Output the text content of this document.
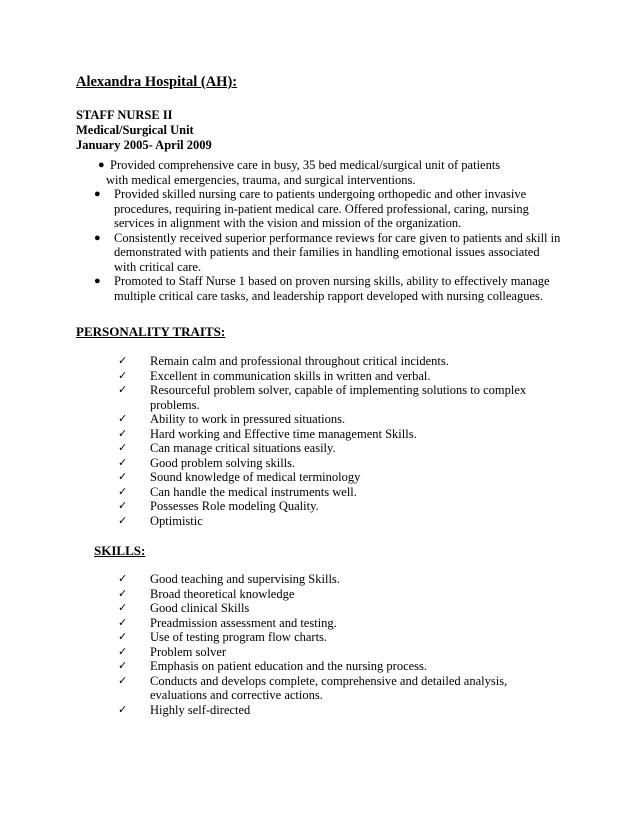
Alexandra Hospital (AH):
STAFF NURSE II
Medical/Surgical Unit
January 2005- April 2009
● Provided comprehensive care in busy, 35 bed medical/surgical unit of patients
with medical emergencies, trauma, and surgical interventions.
●	Provided skilled nursing care to patients undergoing orthopedic and other invasive procedures, requiring in-patient medical care. Offered professional, caring, nursing services in alignment with the vision and mission of the organization.
●	Consistently received superior performance reviews for care given to patients and skill in demonstrated with patients and their families in handling emotional issues associated with critical care.
●	Promoted to Staff Nurse 1 based on proven nursing skills, ability to effectively manage multiple critical care tasks, and leadership rapport developed with nursing colleagues.
PERSONALITY TRAITS:
✓ Remain calm and professional throughout critical incidents.
✓ Excellent in communication skills in written and verbal.
✓ Resourceful problem solver, capable of implementing solutions to complex problems.
✓ Ability to work in pressured situations.
✓ Hard working and Effective time management Skills.
✓ Can manage critical situations easily.
✓ Good problem solving skills.
✓ Sound knowledge of medical terminology
✓ Can handle the medical instruments well.
✓ Possesses Role modeling Quality.
✓ Optimistic
SKILLS:
✓ Good teaching and supervising Skills.
✓ Broad theoretical knowledge
✓ Good clinical Skills
✓ Preadmission assessment and testing.
✓ Use of testing program flow charts.
✓ Problem solver
✓ Emphasis on patient education and the nursing process.
✓ Conducts and develops complete, comprehensive and detailed analysis, evaluations and corrective actions.
✓ Highly self-directed
